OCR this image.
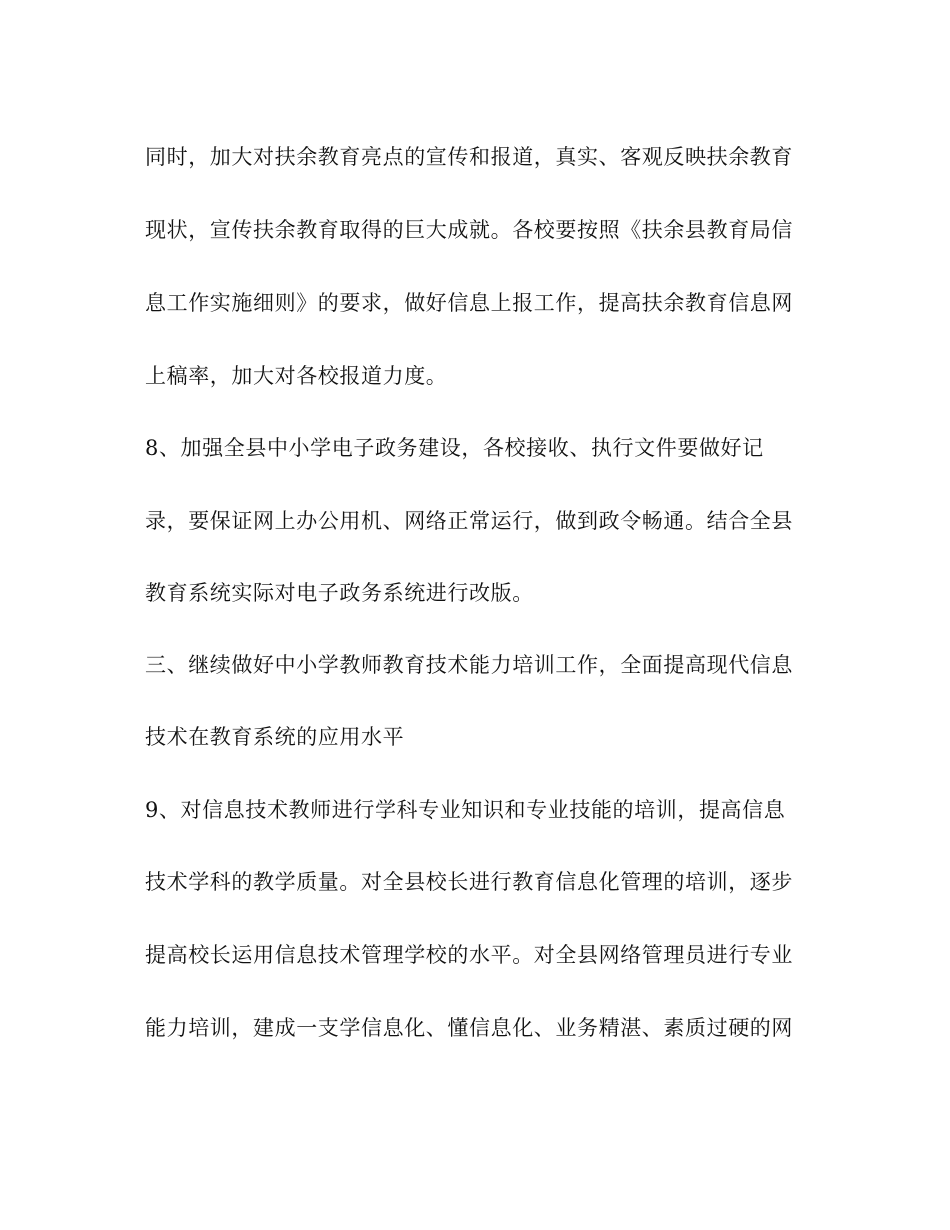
同时，加大对扶余教育亮点的宣传和报道，真实、客观反映扶余教育
现状，宣传扶余教育取得的巨大成就。各校要按照《扶余县教育局信
息工作实施细则》的要求，做好信息上报工作，提高扶余教育信息网
上稿率，加大对各校报道力度。
8、加强全县中小学电子政务建设，各校接收、执行文件要做好记
录，要保证网上办公用机、网络正常运行，做到政令畅通。结合全县
教育系统实际对电子政务系统进行改版。
三、继续做好中小学教师教育技术能力培训工作，全面提高现代信息
技术在教育系统的应用水平
9、对信息技术教师进行学科专业知识和专业技能的培训，提高信息
技术学科的教学质量。对全县校长进行教育信息化管理的培训，逐步
提高校长运用信息技术管理学校的水平。对全县网络管理员进行专业
能力培训，建成一支学信息化、懂信息化、业务精湛、素质过硬的网
